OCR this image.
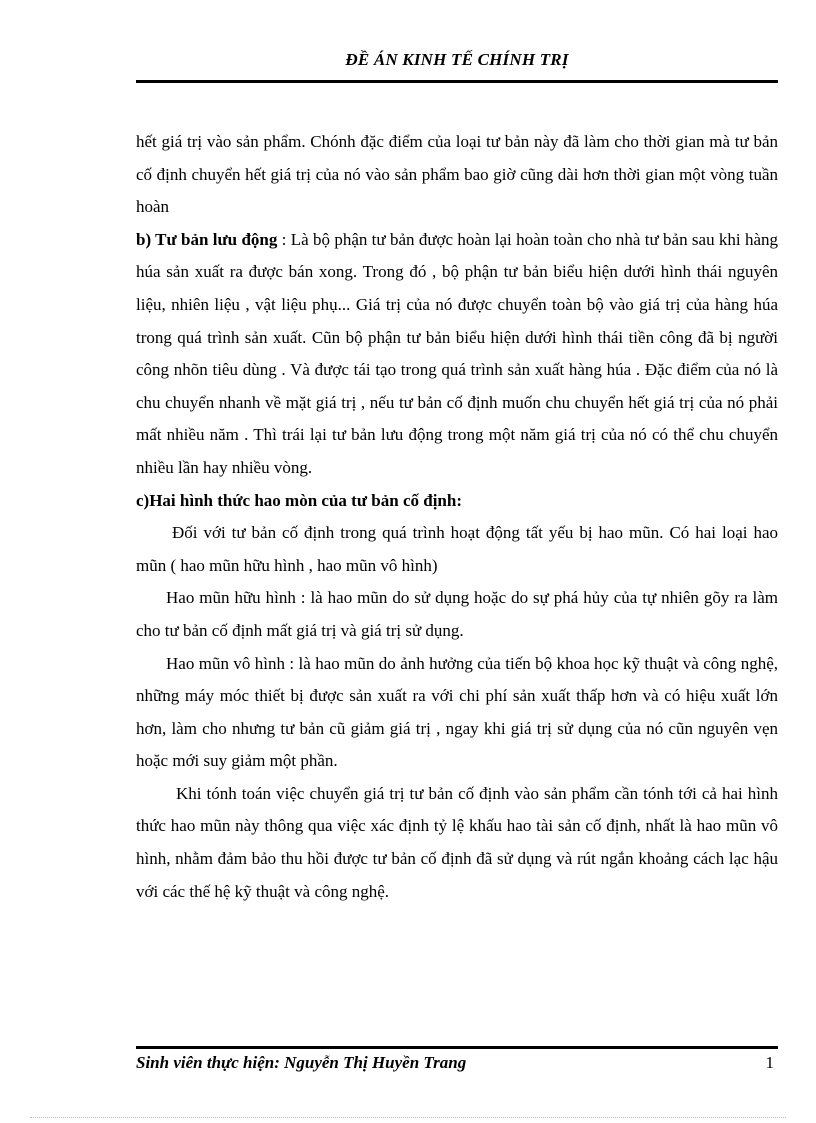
ĐỀ ÁN KINH TẾ CHÍNH TRỊ

hết giá trị vào sản phẩm. Chónh đặc điểm của loại tư bản này đã làm cho thời gian mà tư bản cố định chuyển hết giá trị của nó vào sản phẩm bao giờ cũng dài hơn thời gian một vòng tuần hoàn

b) Tư bản lưu động : Là bộ phận tư bản được hoàn lại hoàn toàn cho nhà tư bản sau khi hàng húa sản xuất ra được bán xong. Trong đó , bộ phận tư bản biểu hiện dưới hình thái nguyên liệu, nhiên liệu , vật liệu phụ... Giá trị của nó được chuyển toàn bộ vào giá trị của hàng húa trong quá trình sản xuất. Cũn bộ phận tư bản biểu hiện dưới hình thái tiền công đã bị người công nhõn tiêu dùng . Và được tái tạo trong quá trình sản xuất hàng húa . Đặc điểm của nó là chu chuyển nhanh về mặt giá trị , nếu tư bản cố định muốn chu chuyển hết giá trị của nó phải mất nhiều năm . Thì trái lại tư bản lưu động trong một năm giá trị của nó có thể chu chuyển nhiều lần hay nhiều vòng.

c)Hai hình thức hao mòn của tư bản cố định:

Đối với tư bản cố định trong quá trình hoạt động tất yếu bị hao mũn. Có hai loại hao mũn ( hao mũn hữu hình , hao mũn vô hình)

Hao mũn hữu hình : là hao mũn do sử dụng hoặc do sự phá hủy của tự nhiên gõy ra làm cho tư bản cố định mất giá trị và giá trị sử dụng.

Hao mũn vô hình : là hao mũn do ảnh hưởng của tiến bộ khoa học kỹ thuật và công nghệ, những máy móc thiết bị được sản xuất ra với chi phí sản xuất thấp hơn và có hiệu xuất lớn hơn, làm cho nhưng tư bản cũ giảm giá trị , ngay khi giá trị sử dụng của nó cũn nguyên vẹn hoặc mới suy giảm một phần.

Khi tónh toán việc chuyển giá trị tư bản cố định vào sản phẩm cần tónh tới cả hai hình thức hao mũn này thông qua việc xác định tỷ lệ khấu hao tài sản cố định, nhất là hao mũn vô hình, nhằm đảm bảo thu hồi được tư bản cố định đã sử dụng và rút ngắn khoảng cách lạc hậu với các thế hệ kỹ thuật và công nghệ.

Sinh viên thực hiện: Nguyễn Thị Huyền Trang	1
